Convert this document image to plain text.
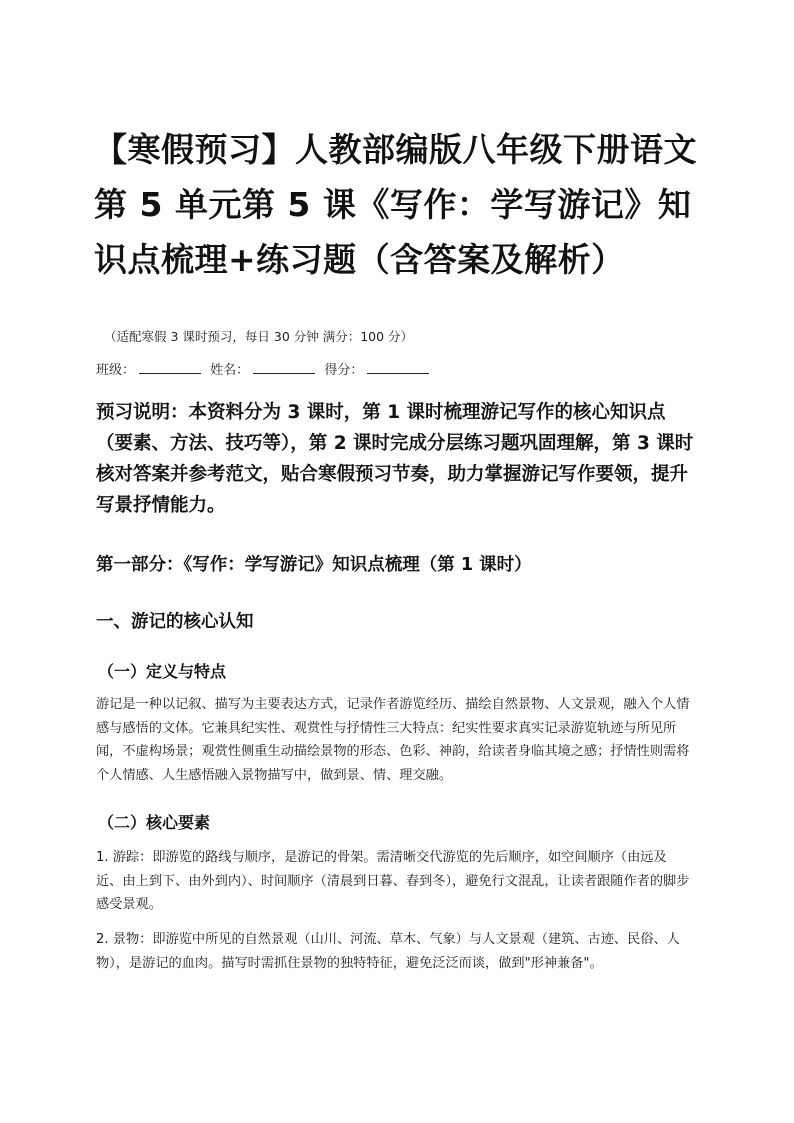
【寒假预习】人教部编版八年级下册语文第 5 单元第 5 课《写作：学写游记》知识点梳理+练习题（含答案及解析）
（适配寒假 3 课时预习，每日 30 分钟 满分：100 分）
班级：	姓名：	得分：
预习说明：本资料分为 3 课时，第 1 课时梳理游记写作的核心知识点（要素、方法、技巧等），第 2 课时完成分层练习题巩固理解，第 3 课时核对答案并参考范文，贴合寒假预习节奏，助力掌握游记写作要领，提升写景抒情能力。
第一部分：《写作：学写游记》知识点梳理（第 1 课时）
一、游记的核心认知
（一）定义与特点
游记是一种以记叙、描写为主要表达方式，记录作者游览经历、描绘自然景物、人文景观，融入个人情感与感悟的文体。它兼具纪实性、观赏性与抒情性三大特点：纪实性要求真实记录游览轨迹与所见所闻，不虚构场景；观赏性侧重生动描绘景物的形态、色彩、神韵，给读者身临其境之感；抒情性则需将个人情感、人生感悟融入景物描写中，做到景、情、理交融。
（二）核心要素
1. 游踪：即游览的路线与顺序，是游记的骨架。需清晰交代游览的先后顺序，如空间顺序（由远及近、由上到下、由外到内）、时间顺序（清晨到日暮、春到冬），避免行文混乱，让读者跟随作者的脚步感受景观。
2. 景物：即游览中所见的自然景观（山川、河流、草木、气象）与人文景观（建筑、古迹、民俗、人物），是游记的血肉。描写时需抓住景物的独特特征，避免泛泛而谈，做到"形神兼备"。
